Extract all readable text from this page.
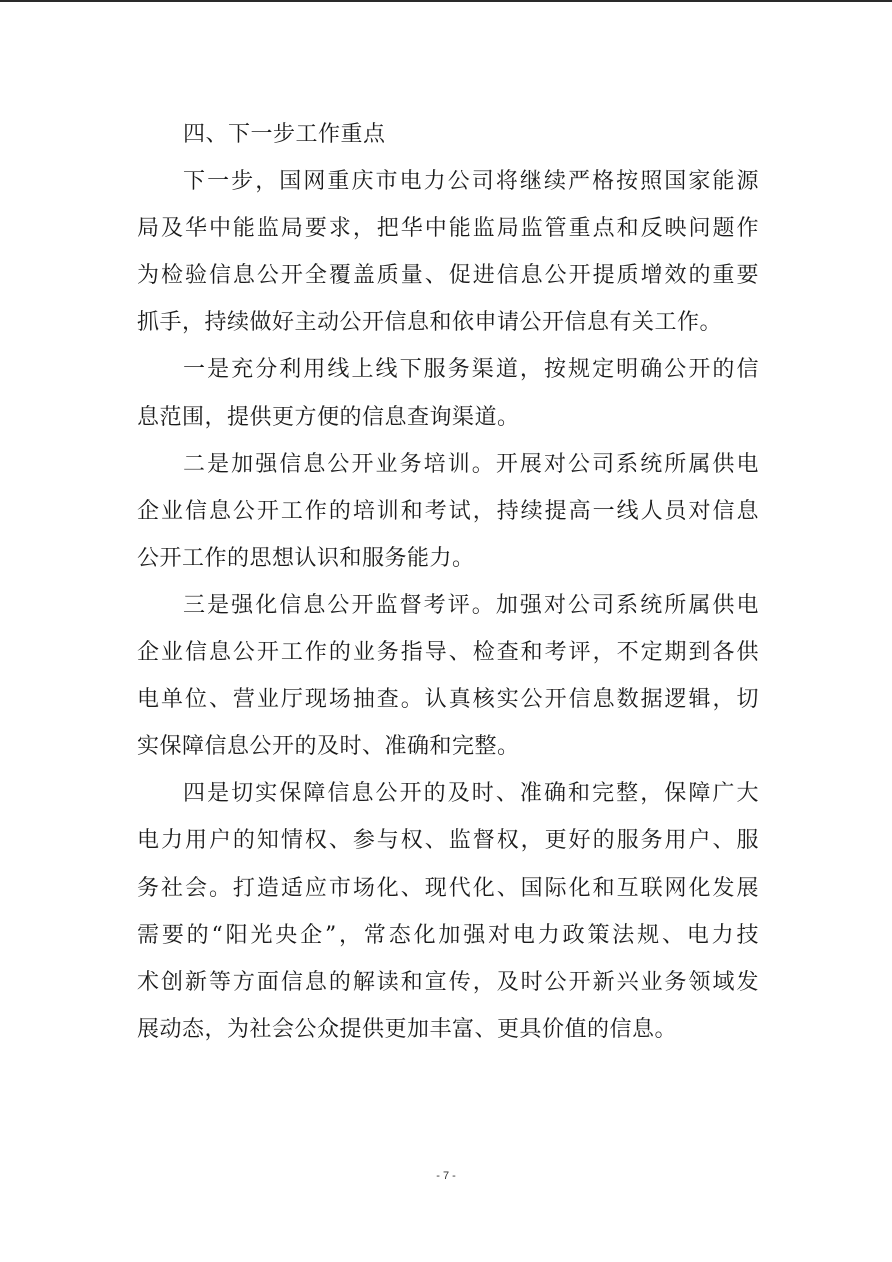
四、下一步工作重点
下一步，国网重庆市电力公司将继续严格按照国家能源
局及华中能监局要求，把华中能监局监管重点和反映问题作
为检验信息公开全覆盖质量、促进信息公开提质增效的重要
抓手，持续做好主动公开信息和依申请公开信息有关工作。
一是充分利用线上线下服务渠道，按规定明确公开的信
息范围，提供更方便的信息查询渠道。
二是加强信息公开业务培训。开展对公司系统所属供电
企业信息公开工作的培训和考试，持续提高一线人员对信息
公开工作的思想认识和服务能力。
三是强化信息公开监督考评。加强对公司系统所属供电
企业信息公开工作的业务指导、检查和考评，不定期到各供
电单位、营业厅现场抽查。认真核实公开信息数据逻辑，切
实保障信息公开的及时、准确和完整。
四是切实保障信息公开的及时、准确和完整，保障广大
电力用户的知情权、参与权、监督权，更好的服务用户、服
务社会。打造适应市场化、现代化、国际化和互联网化发展
需要的“阳光央企”，常态化加强对电力政策法规、电力技
术创新等方面信息的解读和宣传，及时公开新兴业务领域发
展动态，为社会公众提供更加丰富、更具价值的信息。
- 7 -
